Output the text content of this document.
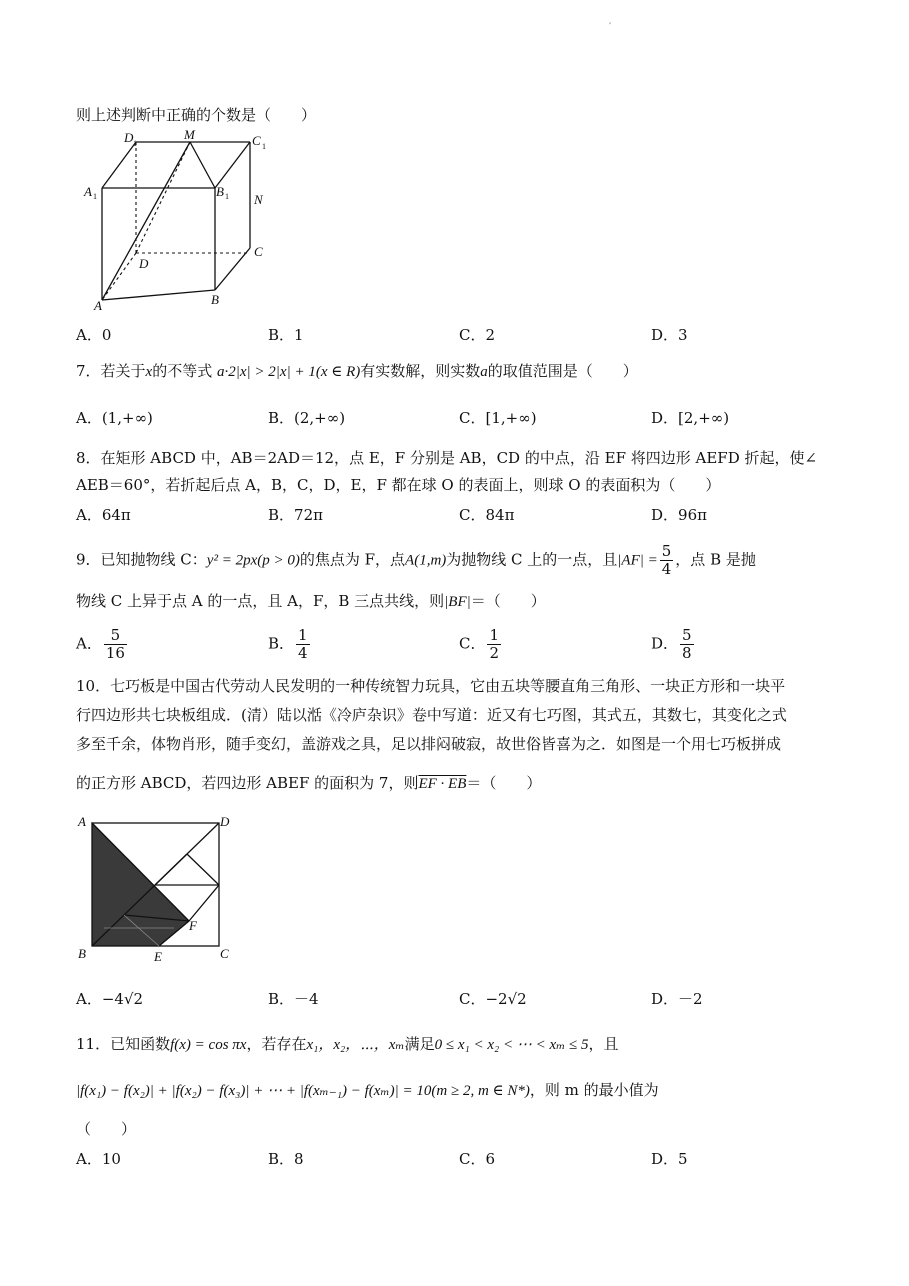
′
则上述判断中正确的个数是（　　）
D	M	C
A	B
N
D
C
A	B
1	1
1	1
A．0	B．1	C．2	D．3
7．若关于x的不等式 a·2|x| > 2|x| + 1(x ∈ R)有实数解，则实数a的取值范围是（　　）
A．(1,+∞)	B．(2,+∞)	C．[1,+∞)	D．[2,+∞)
8．在矩形 ABCD 中，AB＝2AD＝12，点 E，F 分别是 AB，CD 的中点，沿 EF 将四边形 AEFD 折起，使∠
AEB＝60°，若折起后点 A，B，C，D，E，F 都在球 O 的表面上，则球 O 的表面积为（　　）
A．64π	B．72π	C．84π	D．96π
9．已知抛物线 C：y² = 2px(p > 0)的焦点为 F，点A(1,m)为抛物线 C 上的一点，且$|AF| = \frac{5}{4}$ ，点 B 是抛
物线 C 上异于点 A 的一点，且 A，F，B 三点共线，则|BF|＝（　　）
A． $\frac{5}{16}$	B． $\frac{1}{4}$	C． $\frac{1}{2}$	D． $\frac{5}{8}$
10．七巧板是中国古代劳动人民发明的一种传统智力玩具，它由五块等腰直角三角形、一块正方形和一块平
行四边形共七块板组成．(清）陆以湉《冷庐杂识》卷中写道：近又有七巧图，其式五，其数七，其变化之式
多至千余，体物肖形，随手变幻，盖游戏之具，足以排闷破寂，故世俗皆喜为之．如图是一个用七巧板拼成
的正方形 ABCD，若四边形 ABEF 的面积为 7，则EF · EB＝（　　）
A	D
B	E	C
F
A．−4√2	B．－4	C．−2√2	D．－2
11．已知函数f(x) = cos πx，若存在x₁，x₂，⋯，xₘ满足0 ≤ x₁ < x₂ < ⋯ < xₘ ≤ 5，且
|f(x₁) − f(x₂)| + |f(x₂) − f(x₃)| + ⋯ + |f(xₘ₋₁) − f(xₘ)| = 10(m ≥ 2, m ∈ N*)，则 m 的最小值为
（　　）
A．10	B．8	C．6	D．5
